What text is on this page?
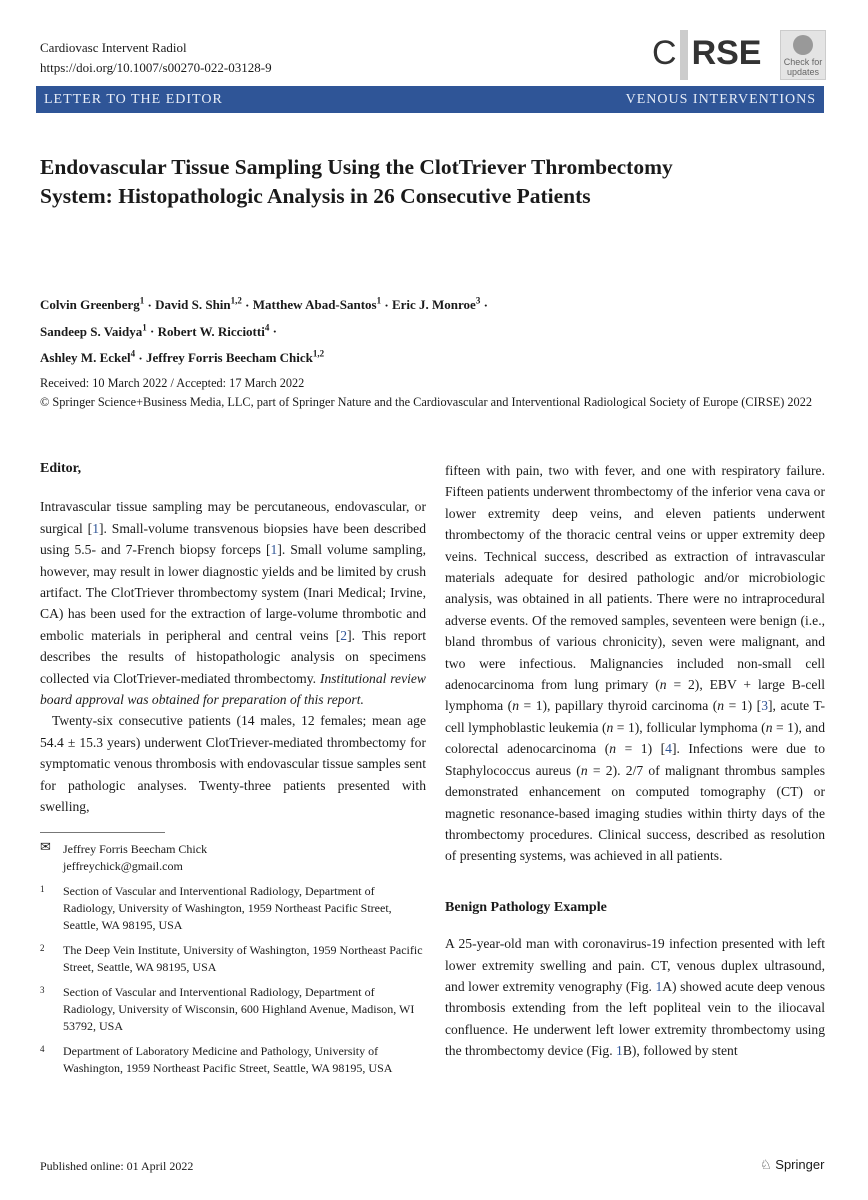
Cardiovasc Intervent Radiol
https://doi.org/10.1007/s00270-022-03128-9	C RSE	Check for updates
LETTER TO THE EDITOR	VENOUS INTERVENTIONS
Endovascular Tissue Sampling Using the ClotTriever Thrombectomy System: Histopathologic Analysis in 26 Consecutive Patients
Colvin Greenberg$^1$ · David S. Shin$^{1,2}$ · Matthew Abad-Santos$^1$ · Eric J. Monroe$^3$ ·
Sandeep S. Vaidya$^1$ · Robert W. Ricciotti$^4$ ·
Ashley M. Eckel$^4$ · Jeffrey Forris Beecham Chick$^{1,2}$
Received: 10 March 2022 / Accepted: 17 March 2022
© Springer Science+Business Media, LLC, part of Springer Nature and the Cardiovascular and Interventional Radiological Society of Europe (CIRSE) 2022
Editor,

Intravascular tissue sampling may be percutaneous, endovascular, or surgical [1]. Small-volume transvenous biopsies have been described using 5.5- and 7-French biopsy forceps [1]. Small volume sampling, however, may result in lower diagnostic yields and be limited by crush artifact. The ClotTriever thrombectomy system (Inari Medical; Irvine, CA) has been used for the extraction of large-volume thrombotic and embolic materials in peripheral and central veins [2]. This report describes the results of histopathologic analysis on specimens collected via ClotTriever-mediated thrombectomy. Institutional review board approval was obtained for preparation of this report.

Twenty-six consecutive patients (14 males, 12 females; mean age 54.4 ± 15.3 years) underwent ClotTriever-mediated thrombectomy for symptomatic venous thrombosis with endovascular tissue samples sent for pathologic analyses. Twenty-three patients presented with swelling,

✉	Jeffrey Forris Beecham Chick
jeffreychick@gmail.com
1	Section of Vascular and Interventional Radiology, Department of Radiology, University of Washington, 1959 Northeast Pacific Street, Seattle, WA 98195, USA
2	The Deep Vein Institute, University of Washington, 1959 Northeast Pacific Street, Seattle, WA 98195, USA
3	Section of Vascular and Interventional Radiology, Department of Radiology, University of Wisconsin, 600 Highland Avenue, Madison, WI 53792, USA
4	Department of Laboratory Medicine and Pathology, University of Washington, 1959 Northeast Pacific Street, Seattle, WA 98195, USA

fifteen with pain, two with fever, and one with respiratory failure. Fifteen patients underwent thrombectomy of the inferior vena cava or lower extremity deep veins, and eleven patients underwent thrombectomy of the thoracic central veins or upper extremity deep veins. Technical success, described as extraction of intravascular materials adequate for desired pathologic and/or microbiologic analysis, was obtained in all patients. There were no intraprocedural adverse events. Of the removed samples, seventeen were benign (i.e., bland thrombus of various chronicity), seven were malignant, and two were infectious. Malignancies included non-small cell adenocarcinoma from lung primary (n = 2), EBV + large B-cell lymphoma (n = 1), papillary thyroid carcinoma (n = 1) [3], acute T-cell lymphoblastic leukemia (n = 1), follicular lymphoma (n = 1), and colorectal adenocarcinoma (n = 1) [4]. Infections were due to Staphylococcus aureus (n = 2). 2/7 of malignant thrombus samples demonstrated enhancement on computed tomography (CT) or magnetic resonance-based imaging studies within thirty days of the thrombectomy procedures. Clinical success, described as resolution of presenting systems, was achieved in all patients.

Benign Pathology Example

A 25-year-old man with coronavirus-19 infection presented with left lower extremity swelling and pain. CT, venous duplex ultrasound, and lower extremity venography (Fig. 1A) showed acute deep venous thrombosis extending from the left popliteal vein to the iliocaval confluence. He underwent left lower extremity thrombectomy using the thrombectomy device (Fig. 1B), followed by stent

Published online: 01 April 2022	♘ Springer
